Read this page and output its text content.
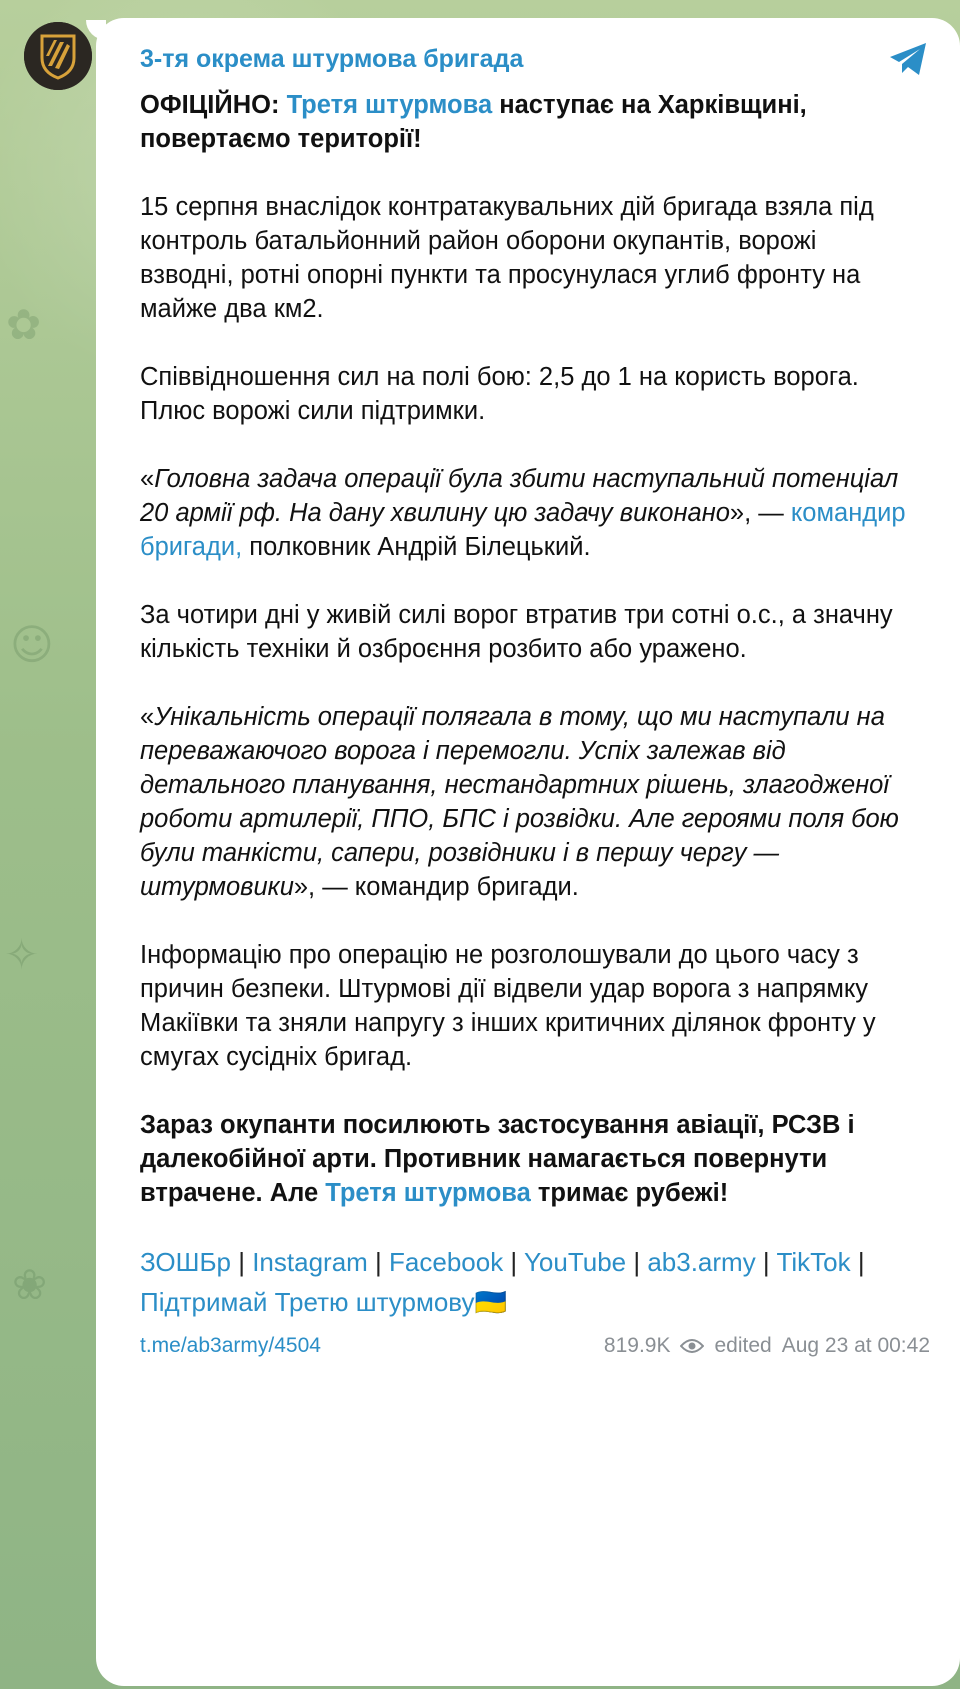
✿
☺
✧
❀
3-тя окрема штурмова бригада

ОФІЦІЙНО: Третя штурмова наступає на Харківщині, повертаємо території!

15 серпня внаслідок контратакувальних дій бригада взяла під контроль батальйонний район оборони окупантів, ворожі взводні, ротні опорні пункти та просунулася углиб фронту на майже два км2.

Співвідношення сил на полі бою: 2,5 до 1 на користь ворога. Плюс ворожі сили підтримки.

«Головна задача операції була збити наступальний потенціал 20 армії рф. На дану хвилину цю задачу виконано», — командир бригади, полковник Андрій Білецький.

За чотири дні у живій силі ворог втратив три сотні о.с., а значну кількість техніки й озброєння розбито або уражено.

«Унікальність операції полягала в тому, що ми наступали на переважаючого ворога і перемогли. Успіх залежав від детального планування, нестандартних рішень, злагодженої роботи артилерії, ППО, БПС і розвідки. Але героями поля бою були танкісти, сапери, розвідники і в першу чергу — штурмовики», — командир бригади.

Інформацію про операцію не розголошували до цього часу з причин безпеки. Штурмові дії відвели удар ворога з напрямку Макіївки та зняли напругу з інших критичних ділянок фронту у смугах сусідніх бригад.

Зараз окупанти посилюють застосування авіації, РСЗВ і далекобійної арти. Противник намагається повернути втрачене. Але Третя штурмова тримає рубежі!

ЗОШБр | Instagram | Facebook | YouTube | ab3.army | TikTok | Підтримай Третю штурмову🇺🇦
t.me/ab3army/4504	819.9K edited Aug 23 at 00:42
